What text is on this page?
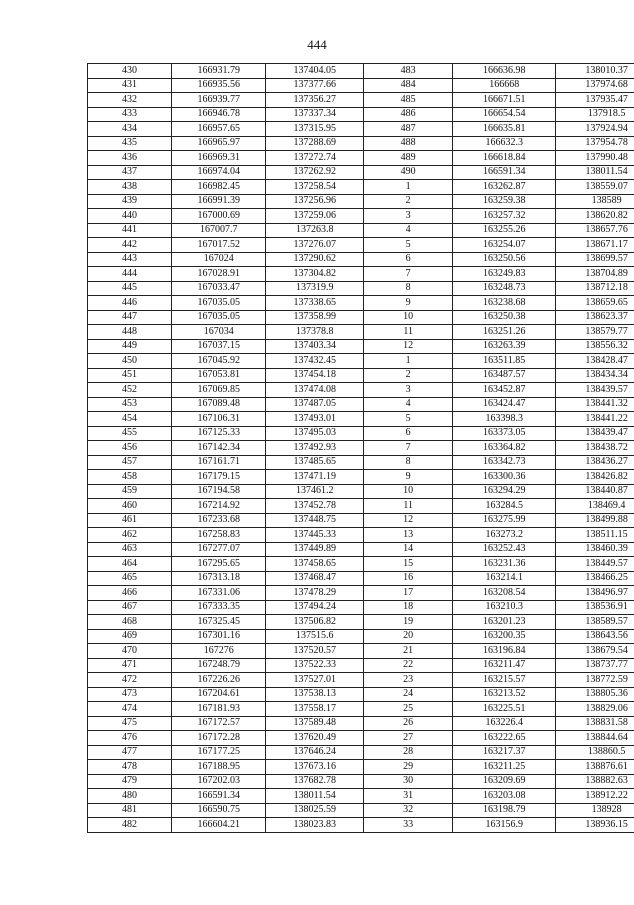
444
430	166931.79	137404.05	483	166636.98	138010.37
431	166935.56	137377.66	484	166668	137974.68
432	166939.77	137356.27	485	166671.51	137935.47
433	166946.78	137337.34	486	166654.54	137918.5
434	166957.65	137315.95	487	166635.81	137924.94
435	166965.97	137288.69	488	166632.3	137954.78
436	166969.31	137272.74	489	166618.84	137990.48
437	166974.04	137262.92	490	166591.34	138011.54
438	166982.45	137258.54	1	163262.87	138559.07
439	166991.39	137256.96	2	163259.38	138589
440	167000.69	137259.06	3	163257.32	138620.82
441	167007.7	137263.8	4	163255.26	138657.76
442	167017.52	137276.07	5	163254.07	138671.17
443	167024	137290.62	6	163250.56	138699.57
444	167028.91	137304.82	7	163249.83	138704.89
445	167033.47	137319.9	8	163248.73	138712.18
446	167035.05	137338.65	9	163238.68	138659.65
447	167035.05	137358.99	10	163250.38	138623.37
448	167034	137378.8	11	163251.26	138579.77
449	167037.15	137403.34	12	163263.39	138556.32
450	167045.92	137432.45	1	163511.85	138428.47
451	167053.81	137454.18	2	163487.57	138434.34
452	167069.85	137474.08	3	163452.87	138439.57
453	167089.48	137487.05	4	163424.47	138441.32
454	167106.31	137493.01	5	163398.3	138441.22
455	167125.33	137495.03	6	163373.05	138439.47
456	167142.34	137492.93	7	163364.82	138438.72
457	167161.71	137485.65	8	163342.73	138436.27
458	167179.15	137471.19	9	163300.36	138426.82
459	167194.58	137461.2	10	163294.29	138440.87
460	167214.92	137452.78	11	163284.5	138469.4
461	167233.68	137448.75	12	163275.99	138499.88
462	167258.83	137445.33	13	163273.2	138511.15
463	167277.07	137449.89	14	163252.43	138460.39
464	167295.65	137458.65	15	163231.36	138449.57
465	167313.18	137468.47	16	163214.1	138466.25
466	167331.06	137478.29	17	163208.54	138496.97
467	167333.35	137494.24	18	163210.3	138536.91
468	167325.45	137506.82	19	163201.23	138589.57
469	167301.16	137515.6	20	163200.35	138643.56
470	167276	137520.57	21	163196.84	138679.54
471	167248.79	137522.33	22	163211.47	138737.77
472	167226.26	137527.01	23	163215.57	138772.59
473	167204.61	137538.13	24	163213.52	138805.36
474	167181.93	137558.17	25	163225.51	138829.06
475	167172.57	137589.48	26	163226.4	138831.58
476	167172.28	137620.49	27	163222.65	138844.64
477	167177.25	137646.24	28	163217.37	138860.5
478	167188.95	137673.16	29	163211.25	138876.61
479	167202.03	137682.78	30	163209.69	138882.63
480	166591.34	138011.54	31	163203.08	138912.22
481	166590.75	138025.59	32	163198.79	138928
482	166604.21	138023.83	33	163156.9	138936.15
